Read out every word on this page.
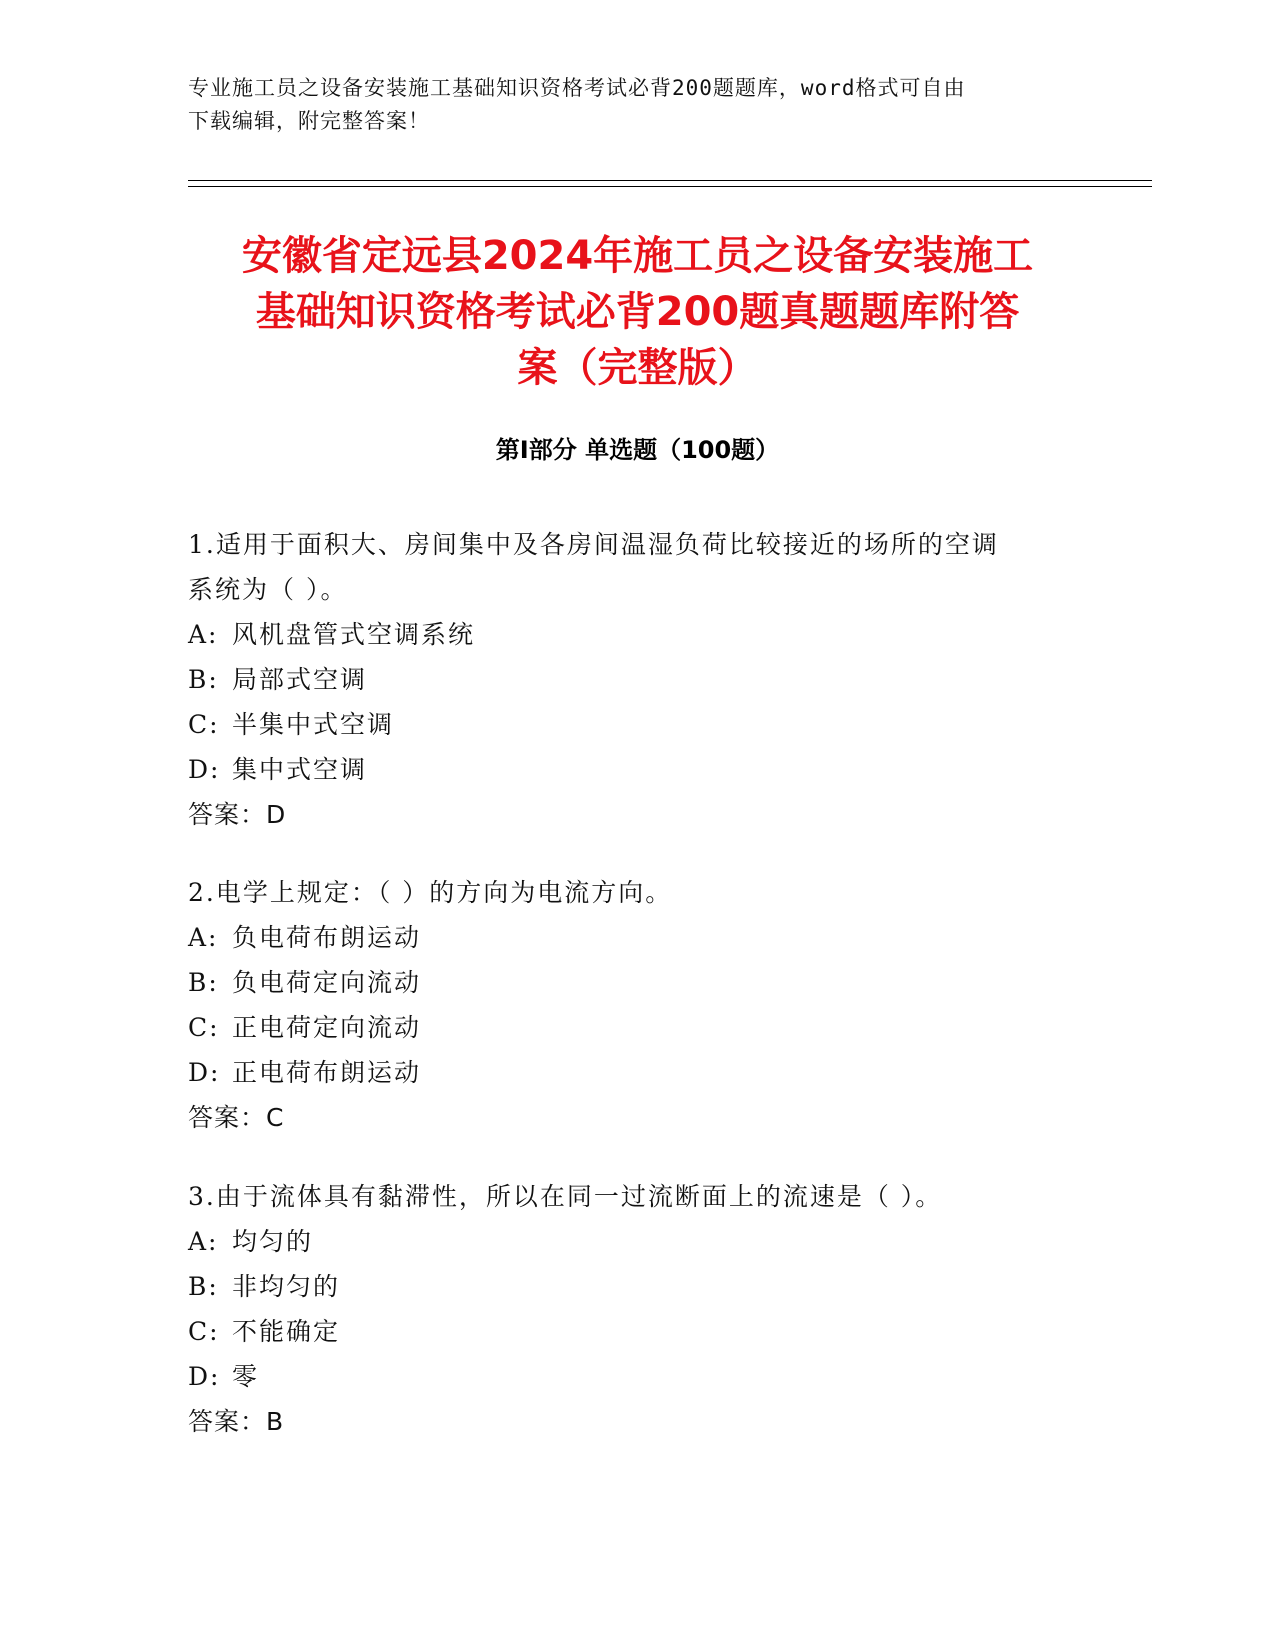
专业施工员之设备安装施工基础知识资格考试必背200题题库，word格式可自由
下载编辑，附完整答案！
安徽省定远县2024年施工员之设备安装施工
基础知识资格考试必背200题真题题库附答
案（完整版）
第Ⅰ部分 单选题（100题）

1.适用于面积大、房间集中及各房间温湿负荷比较接近的场所的空调

系统为（ ）。

A: 风机盘管式空调系统

B: 局部式空调

C: 半集中式空调

D: 集中式空调

答案：D

2.电学上规定：（ ）的方向为电流方向。

A: 负电荷布朗运动

B: 负电荷定向流动

C: 正电荷定向流动

D: 正电荷布朗运动

答案：C

3.由于流体具有黏滞性，所以在同一过流断面上的流速是（ ）。

A: 均匀的

B: 非均匀的

C: 不能确定

D: 零

答案：B
